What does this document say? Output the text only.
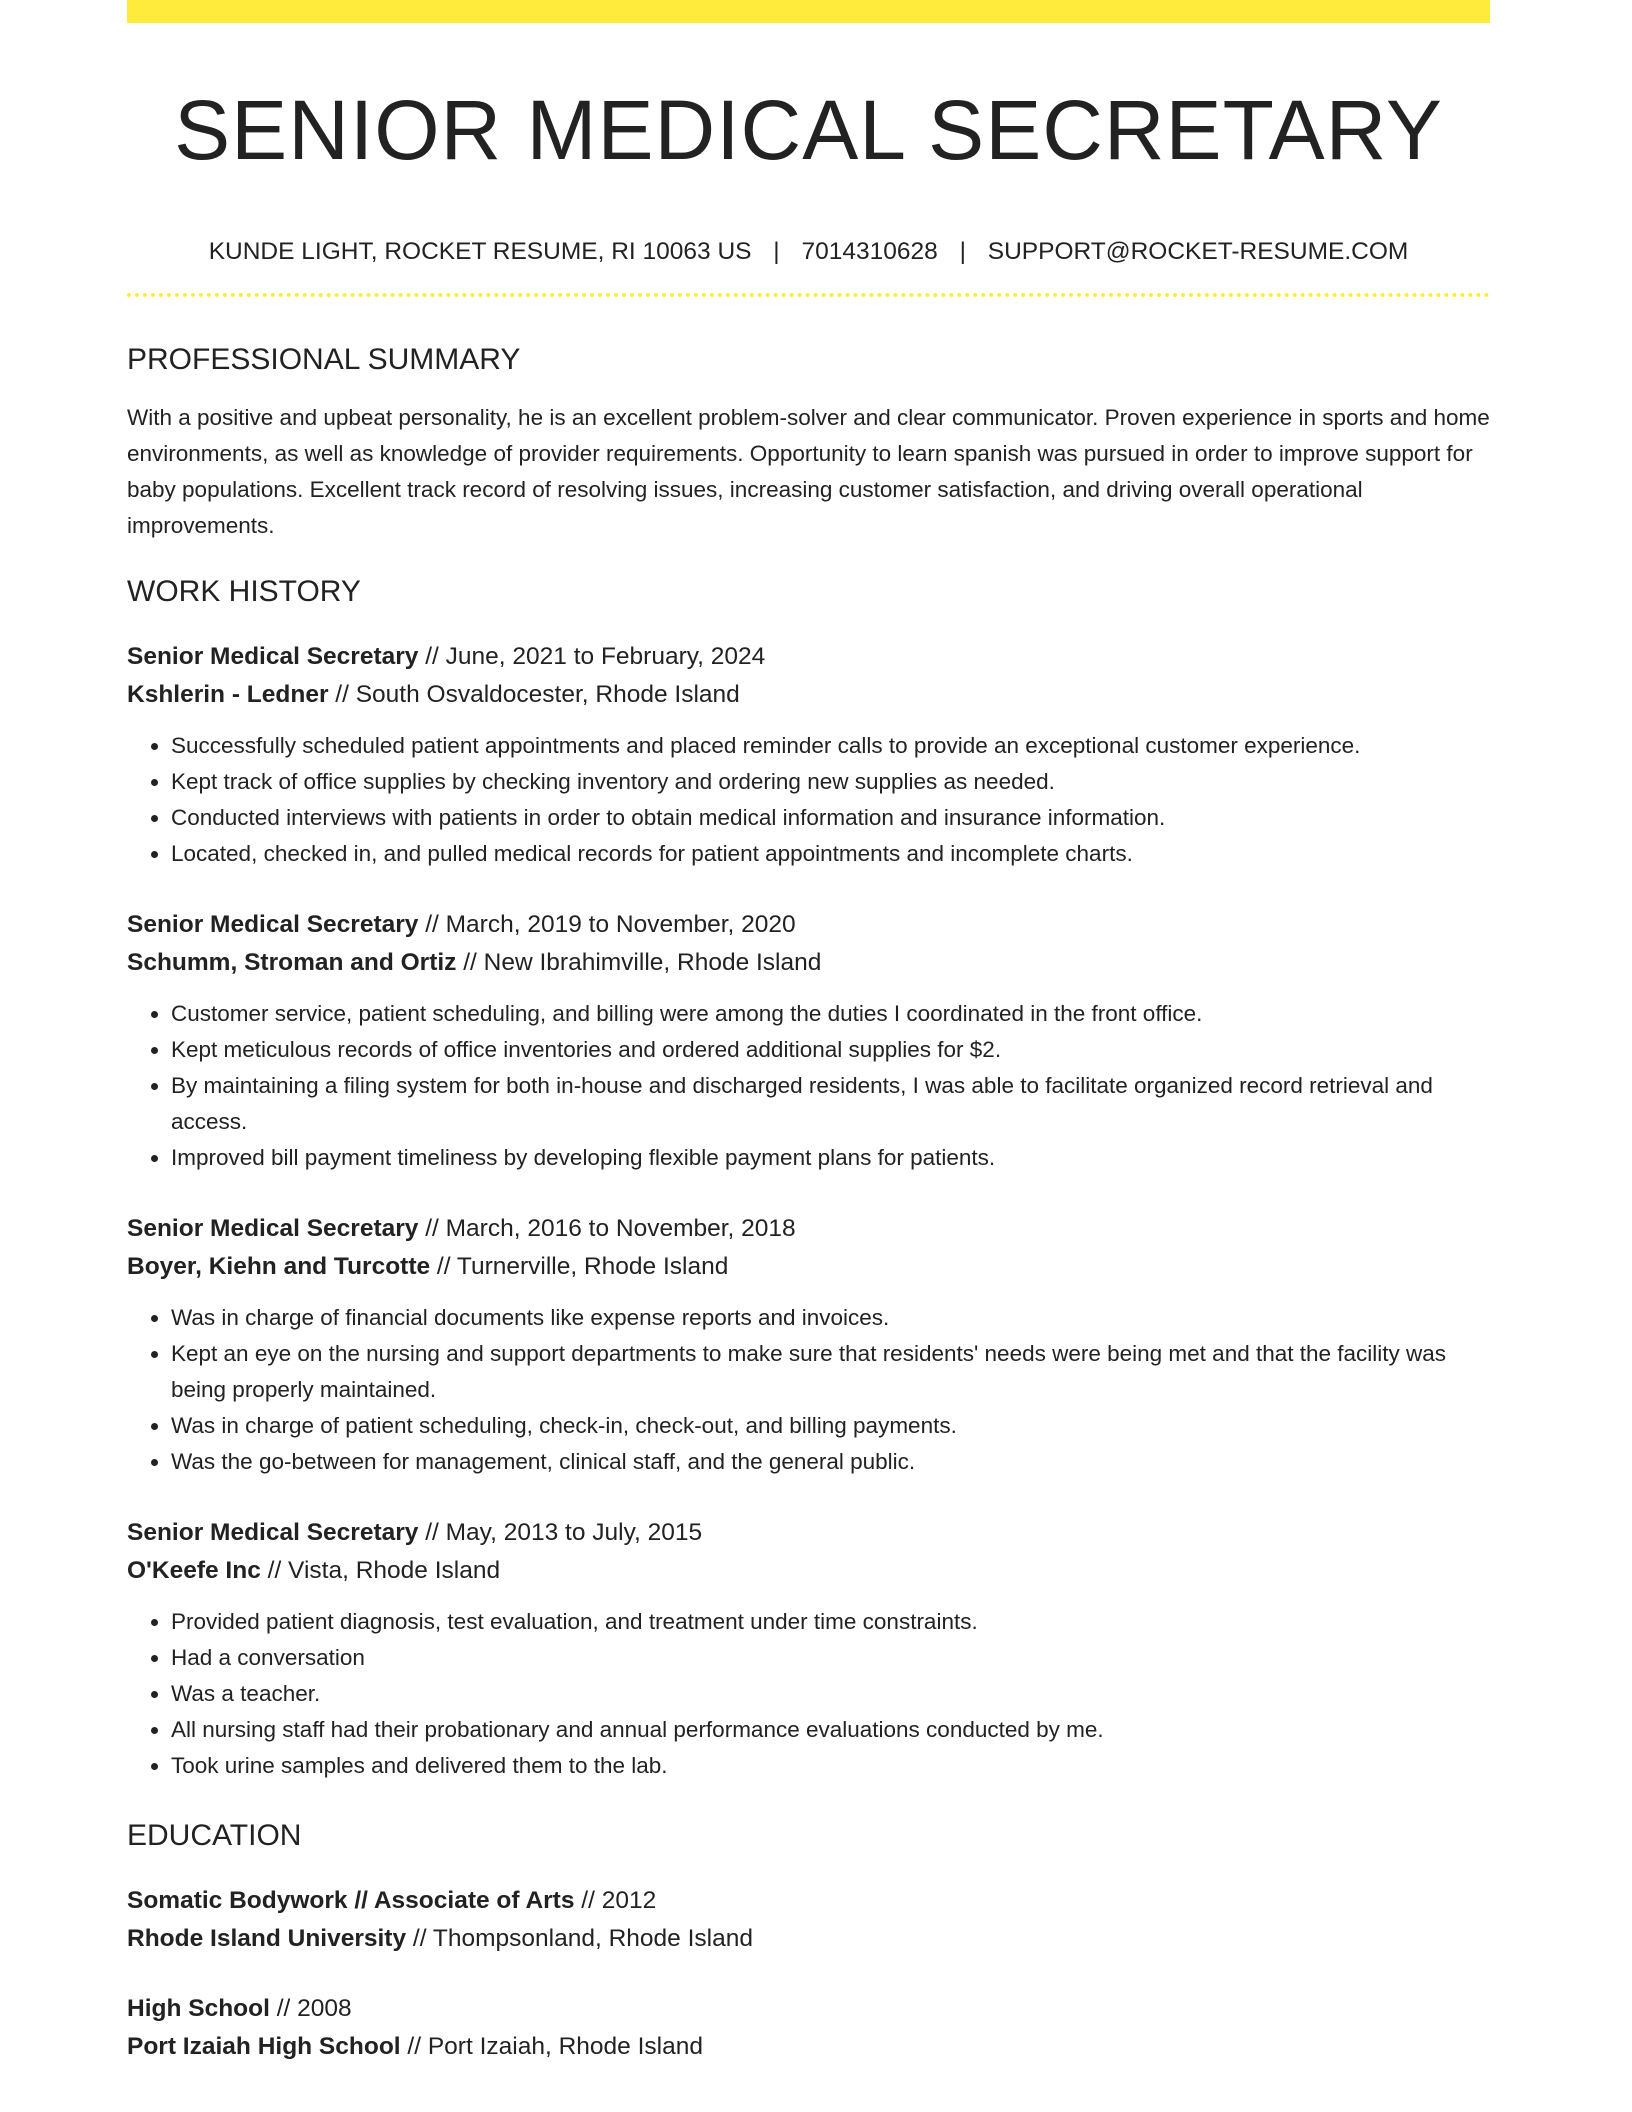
SENIOR MEDICAL SECRETARY
KUNDE LIGHT, ROCKET RESUME, RI 10063 US | 7014310628 | SUPPORT@ROCKET-RESUME.COM
PROFESSIONAL SUMMARY

With a positive and upbeat personality, he is an excellent problem-solver and clear communicator. Proven experience in sports and home environments, as well as knowledge of provider requirements. Opportunity to learn spanish was pursued in order to improve support for baby populations. Excellent track record of resolving issues, increasing customer satisfaction, and driving overall operational improvements.

WORK HISTORY
Senior Medical Secretary // June, 2021 to February, 2024
Kshlerin - Ledner // South Osvaldocester, Rhode Island
• Successfully scheduled patient appointments and placed reminder calls to provide an exceptional customer experience.
• Kept track of office supplies by checking inventory and ordering new supplies as needed.
• Conducted interviews with patients in order to obtain medical information and insurance information.
• Located, checked in, and pulled medical records for patient appointments and incomplete charts.
Senior Medical Secretary // March, 2019 to November, 2020
Schumm, Stroman and Ortiz // New Ibrahimville, Rhode Island
• Customer service, patient scheduling, and billing were among the duties I coordinated in the front office.
• Kept meticulous records of office inventories and ordered additional supplies for $2.
• By maintaining a filing system for both in-house and discharged residents, I was able to facilitate organized record retrieval and access.
• Improved bill payment timeliness by developing flexible payment plans for patients.
Senior Medical Secretary // March, 2016 to November, 2018
Boyer, Kiehn and Turcotte // Turnerville, Rhode Island
• Was in charge of financial documents like expense reports and invoices.
• Kept an eye on the nursing and support departments to make sure that residents' needs were being met and that the facility was being properly maintained.
• Was in charge of patient scheduling, check-in, check-out, and billing payments.
• Was the go-between for management, clinical staff, and the general public.
Senior Medical Secretary // May, 2013 to July, 2015
O'Keefe Inc // Vista, Rhode Island
• Provided patient diagnosis, test evaluation, and treatment under time constraints.
• Had a conversation
• Was a teacher.
• All nursing staff had their probationary and annual performance evaluations conducted by me.
• Took urine samples and delivered them to the lab.
EDUCATION
Somatic Bodywork // Associate of Arts // 2012
Rhode Island University // Thompsonland, Rhode Island
High School // 2008
Port Izaiah High School // Port Izaiah, Rhode Island
